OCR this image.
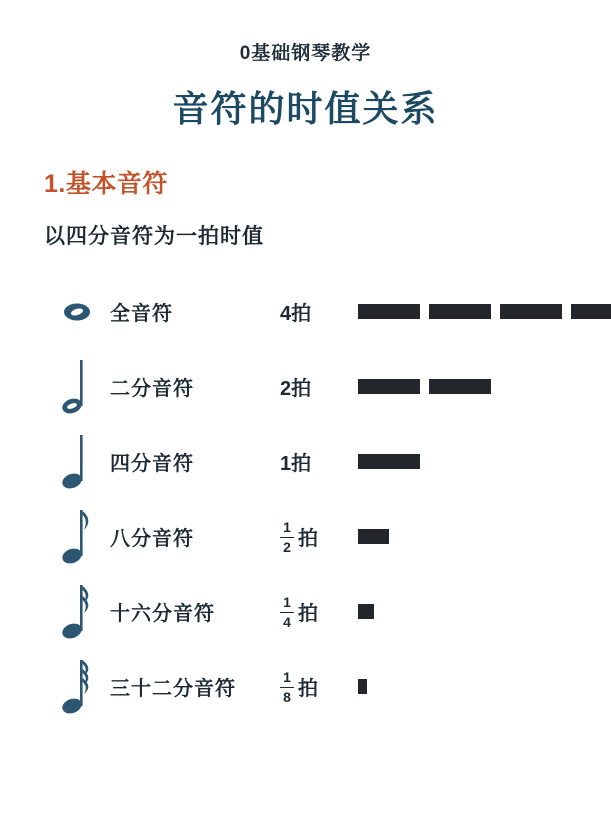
0基础钢琴教学
音符的时值关系
1.基本音符
以四分音符为一拍时值
全音符	4拍
二分音符	2拍
四分音符	1拍
八分音符	$\frac{1}{2}$ 拍
十六分音符	$\frac{1}{4}$ 拍
三十二分音符	$\frac{1}{8}$ 拍
